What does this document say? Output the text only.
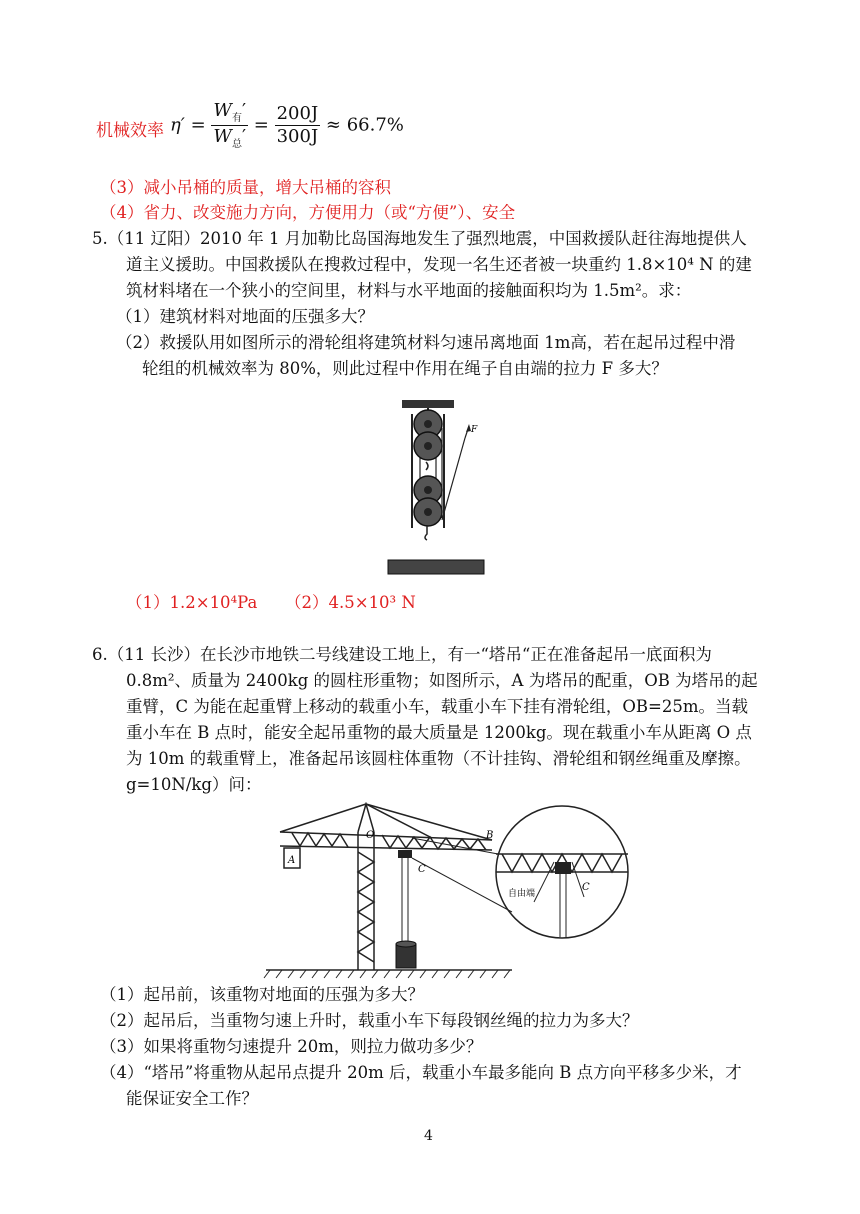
机械效率 $\eta' = \frac{W_有'}{W_总'} = \frac{200J}{300J} \approx 66.7\%$
（3）减小吊桶的质量，增大吊桶的容积
（4）省力、改变施力方向，方便用力（或“方便”）、安全
5.（11 辽阳）2010 年 1 月加勒比岛国海地发生了强烈地震，中国救援队赶往海地提供人
道主义援助。中国救援队在搜救过程中，发现一名生还者被一块重约 1.8×10⁴ N 的建
筑材料堵在一个狭小的空间里，材料与水平地面的接触面积均为 1.5m²。求：
（1）建筑材料对地面的压强多大？
（2）救援队用如图所示的滑轮组将建筑材料匀速吊离地面 1m高，若在起吊过程中滑
轮组的机械效率为 80%，则此过程中作用在绳子自由端的拉力 F 多大？
F
（1）1.2×10⁴Pa （2）4.5×10³ N
6.（11 长沙）在长沙市地铁二号线建设工地上，有一“塔吊“正在准备起吊一底面积为
0.8m²、质量为 2400kg 的圆柱形重物；如图所示，A 为塔吊的配重，OB 为塔吊的起
重臂，C 为能在起重臂上移动的载重小车，载重小车下挂有滑轮组，OB=25m。当载
重小车在 B 点时，能安全起吊重物的最大质量是 1200kg。现在载重小车从距离 O 点
为 10m 的载重臂上，准备起吊该圆柱体重物（不计挂钩、滑轮组和钢丝绳重及摩擦。
g=10N/kg）问：
A
O	B
C
C
自由端
（1）起吊前，该重物对地面的压强为多大？
（2）起吊后，当重物匀速上升时，载重小车下每段钢丝绳的拉力为多大？
（3）如果将重物匀速提升 20m，则拉力做功多少？
（4）“塔吊”将重物从起吊点提升 20m 后，载重小车最多能向 B 点方向平移多少米，才
能保证安全工作？
4
